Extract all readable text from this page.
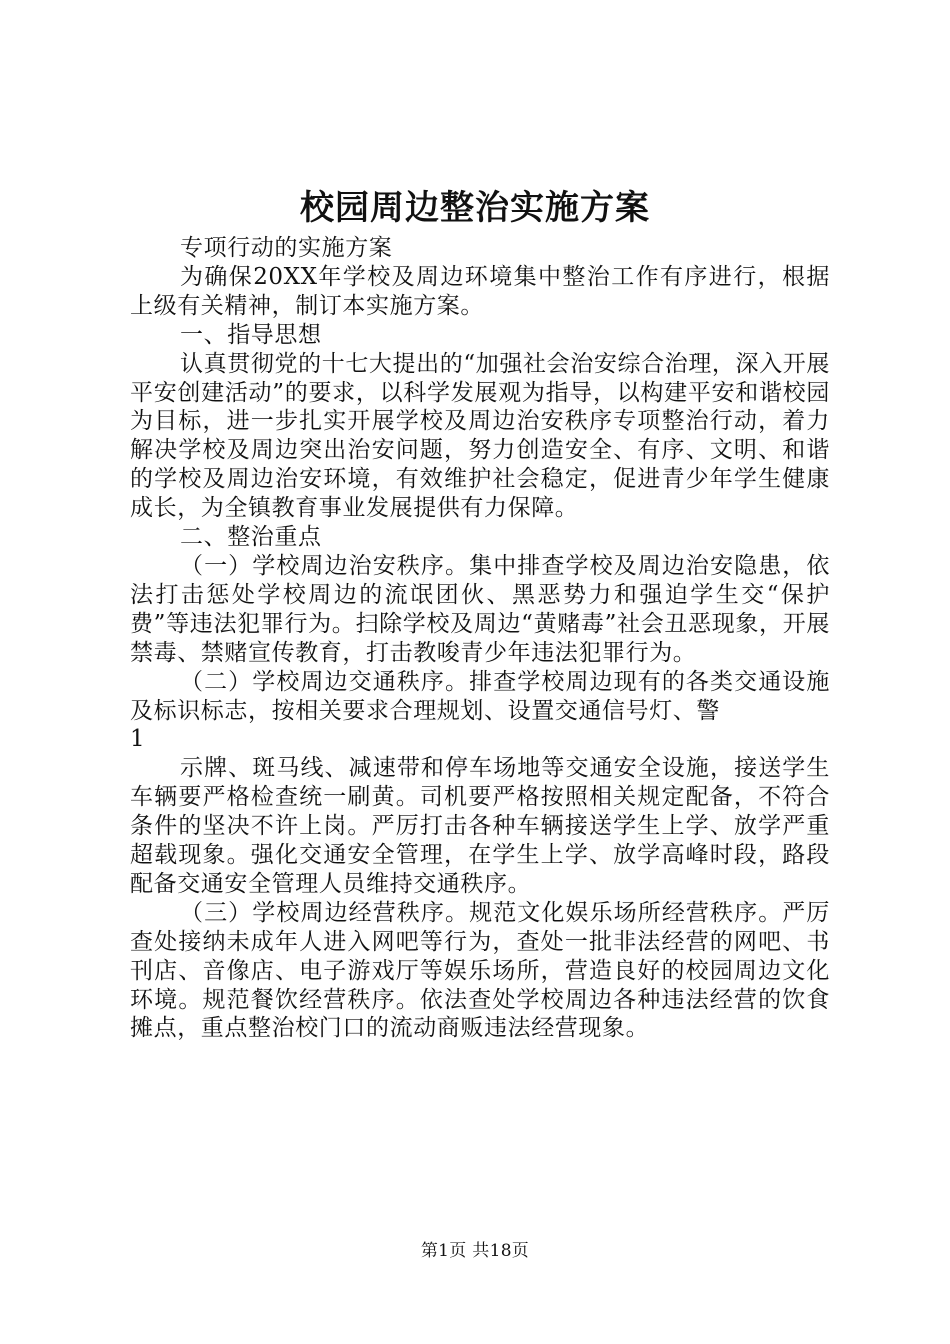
校园周边整治实施方案

专项行动的实施方案

为确保20XX年学校及周边环境集中整治工作有序进行，根据上级有关精神，制订本实施方案。

一、指导思想

认真贯彻党的十七大提出的“加强社会治安综合治理，深入开展平安创建活动”的要求，以科学发展观为指导，以构建平安和谐校园为目标，进一步扎实开展学校及周边治安秩序专项整治行动，着力解决学校及周边突出治安问题，努力创造安全、有序、文明、和谐的学校及周边治安环境，有效维护社会稳定，促进青少年学生健康成长，为全镇教育事业发展提供有力保障。

二、整治重点

（一）学校周边治安秩序。集中排查学校及周边治安隐患，依法打击惩处学校周边的流氓团伙、黑恶势力和强迫学生交“保护费”等违法犯罪行为。扫除学校及周边“黄赌毒”社会丑恶现象，开展禁毒、禁赌宣传教育，打击教唆青少年违法犯罪行为。

（二）学校周边交通秩序。排查学校周边现有的各类交通设施及标识标志，按相关要求合理规划、设置交通信号灯、警

1

示牌、斑马线、减速带和停车场地等交通安全设施，接送学生车辆要严格检查统一刷黄。司机要严格按照相关规定配备，不符合条件的坚决不许上岗。严厉打击各种车辆接送学生上学、放学严重超载现象。强化交通安全管理，在学生上学、放学高峰时段，路段配备交通安全管理人员维持交通秩序。

（三）学校周边经营秩序。规范文化娱乐场所经营秩序。严厉查处接纳未成年人进入网吧等行为，查处一批非法经营的网吧、书刊店、音像店、电子游戏厅等娱乐场所，营造良好的校园周边文化环境。规范餐饮经营秩序。依法查处学校周边各种违法经营的饮食摊点，重点整治校门口的流动商贩违法经营现象。

第1页 共18页
